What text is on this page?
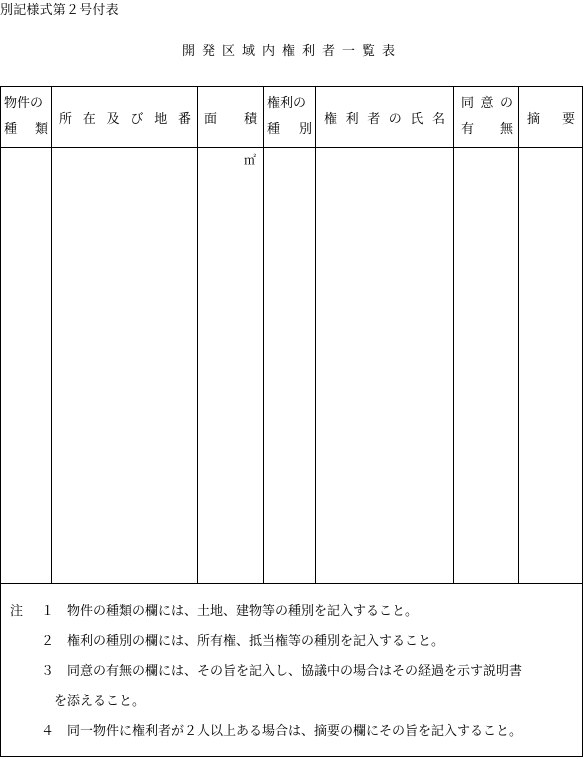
別記様式第２号付表
開発区域内権利者一覧表
物件の
種 類
所 在 及 び 地 番 面 積
権利の
種 別
権 利 者 の 氏 名
同 意 の
有 無
摘 要
㎡
注 １ 物件の種類の欄には、土地、建物等の種別を記入すること。
２ 権利の種別の欄には、所有権、抵当権等の種別を記入すること。
３ 同意の有無の欄には、その旨を記入し、協議中の場合はその経過を示す説明書
を添えること。
４ 同一物件に権利者が２人以上ある場合は、摘要の欄にその旨を記入すること。
